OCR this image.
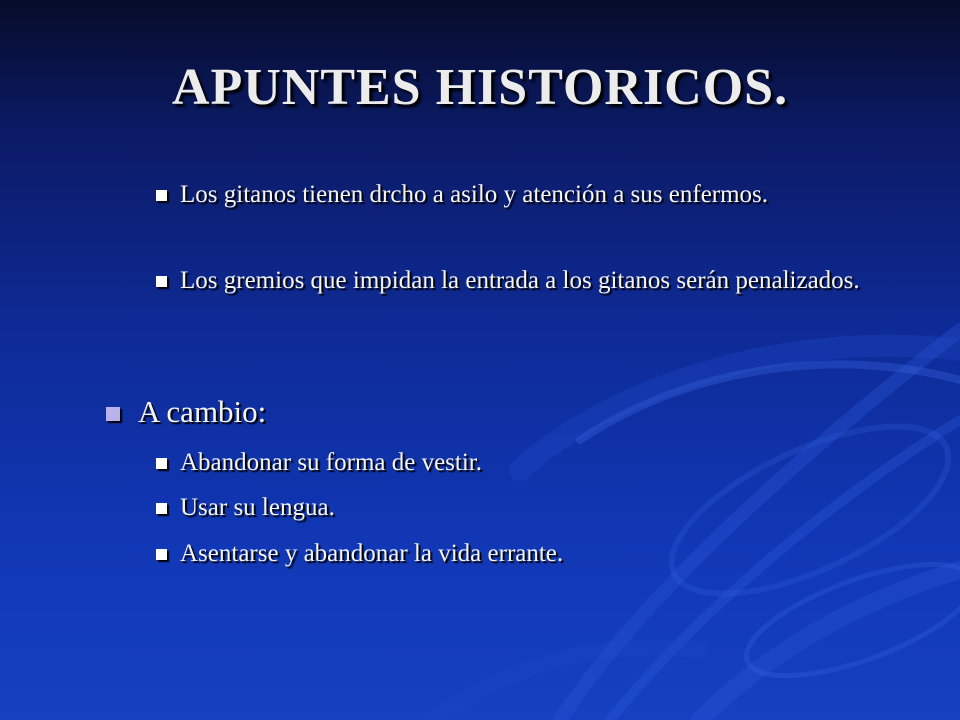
APUNTES HISTORICOS.
Los gitanos tienen drcho a asilo y atención a sus enfermos.
Los gremios que impidan la entrada a los gitanos serán penalizados.
A cambio:
Abandonar su forma de vestir.
Usar su lengua.
Asentarse y abandonar la vida errante.
